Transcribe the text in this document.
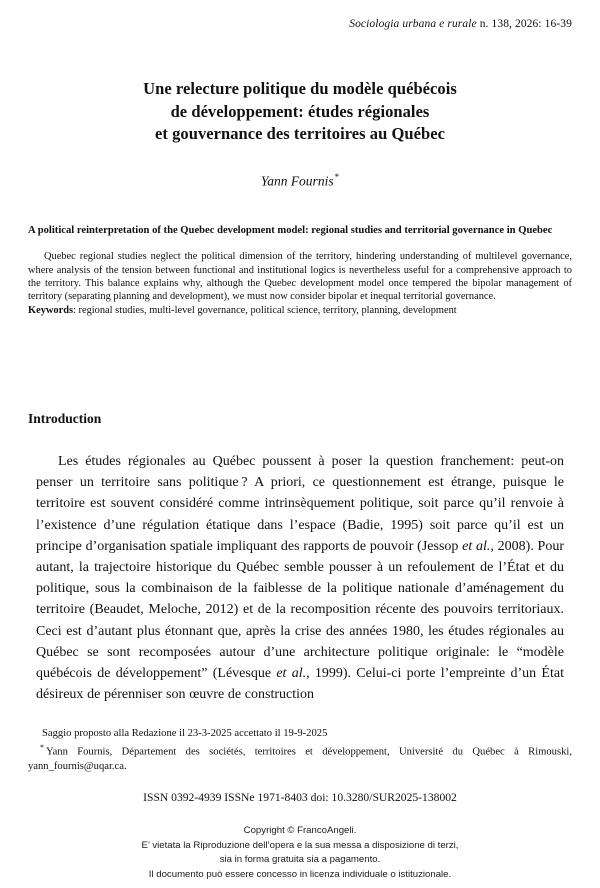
Sociologia urbana e rurale n. 138, 2026: 16-39
Une relecture politique du modèle québécois
de développement: études régionales
et gouvernance des territoires au Québec
Yann Fournis*

A political reinterpretation of the Quebec development model: regional studies and territorial governance in Quebec

Quebec regional studies neglect the political dimension of the territory, hindering understanding of multilevel governance, where analysis of the tension between functional and institutional logics is nevertheless useful for a comprehensive approach to the territory. This balance explains why, although the Quebec development model once tempered the bipolar management of territory (separating planning and development), we must now consider bipolar et inequal territorial governance.

Keywords: regional studies, multi-level governance, political science, territory, planning, development

Introduction

Les études régionales au Québec poussent à poser la question franchement: peut-on penser un territoire sans politique ? A priori, ce questionnement est étrange, puisque le territoire est souvent considéré comme intrinsèquement politique, soit parce qu’il renvoie à l’existence d’une régulation étatique dans l’espace (Badie, 1995) soit parce qu’il est un principe d’organisation spatiale impliquant des rapports de pouvoir (Jessop et al., 2008). Pour autant, la trajectoire historique du Québec semble pousser à un refoulement de l’État et du politique, sous la combinaison de la faiblesse de la politique nationale d’aménagement du territoire (Beaudet, Meloche, 2012) et de la recomposition récente des pouvoirs territoriaux. Ceci est d’autant plus étonnant que, après la crise des années 1980, les études régionales au Québec se sont recomposées autour d’une architecture politique originale: le “modèle québécois de développement” (Lévesque et al., 1999). Celui-ci porte l’empreinte d’un État désireux de pérenniser son œuvre de construction

Saggio proposto alla Redazione il 23-3-2025 accettato il 19-9-2025

* Yann Fournis, Département des sociétés, territoires et développement, Université du Québec à Rimouski, yann_fournis@uqar.ca.

ISSN 0392-4939 ISSNe 1971-8403 doi: 10.3280/SUR2025-138002
Copyright © FrancoAngeli.
E’ vietata la Riproduzione dell’opera e la sua messa a disposizione di terzi,
sia in forma gratuita sia a pagamento.
Il documento può essere concesso in licenza individuale o istituzionale.
